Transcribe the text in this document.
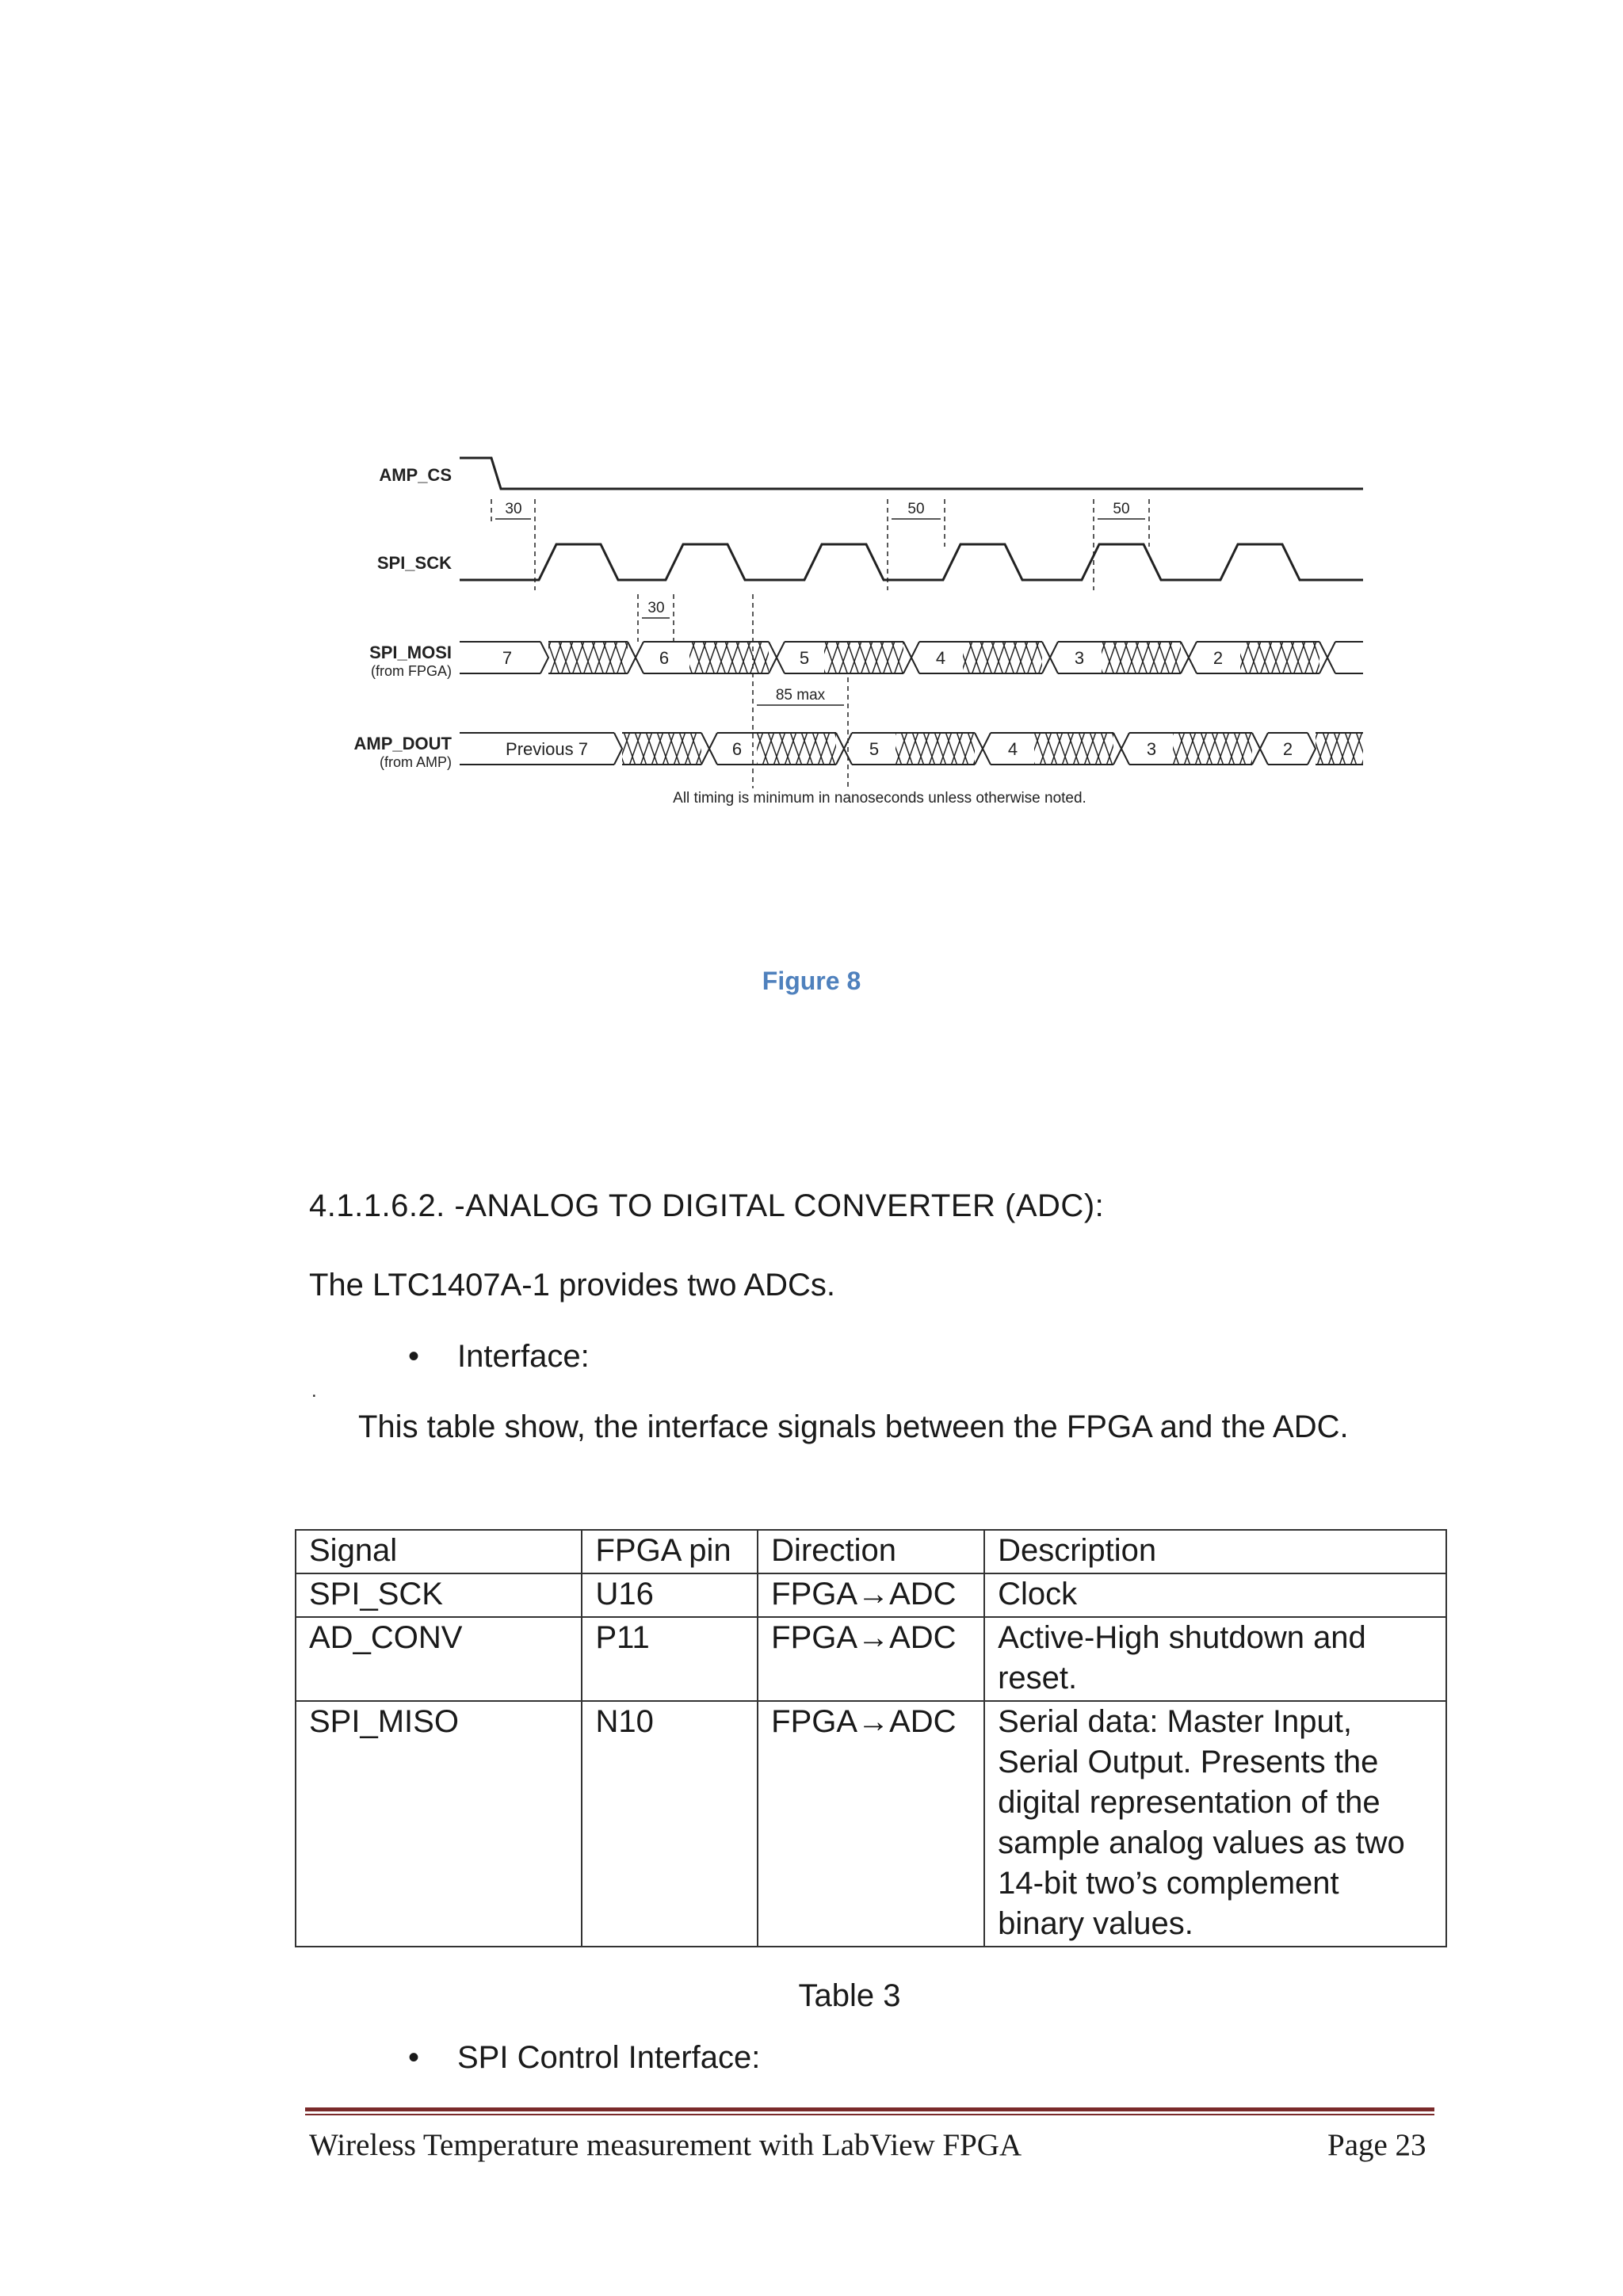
AMP_CS
SPI_SCK
SPI_MOSI
(from FPGA)
AMP_DOUT
(from AMP)
7	6	5	4	3	2
Previous 7	6	5	4	3	2
30	50	50
30
85 max
All timing is minimum in nanoseconds unless otherwise noted.
Figure 8
4.1.1.6.2. -ANALOG TO DIGITAL CONVERTER (ADC):
The LTC1407A-1 provides two ADCs.
• Interface:
.
This table show, the interface signals between the FPGA and the ADC.
Signal	FPGA pin	Direction	Description
SPI_SCK	U16	FPGA→ADC	Clock
AD_CONV	P11	FPGA→ADC	Active-High shutdown and reset.
SPI_MISO	N10	FPGA→ADC	Serial data: Master Input, Serial Output. Presents the digital representation of the sample analog values as two 14-bit two’s complement binary values.
Table 3
• SPI Control Interface:
Wireless Temperature measurement with LabView FPGA	Page 23
